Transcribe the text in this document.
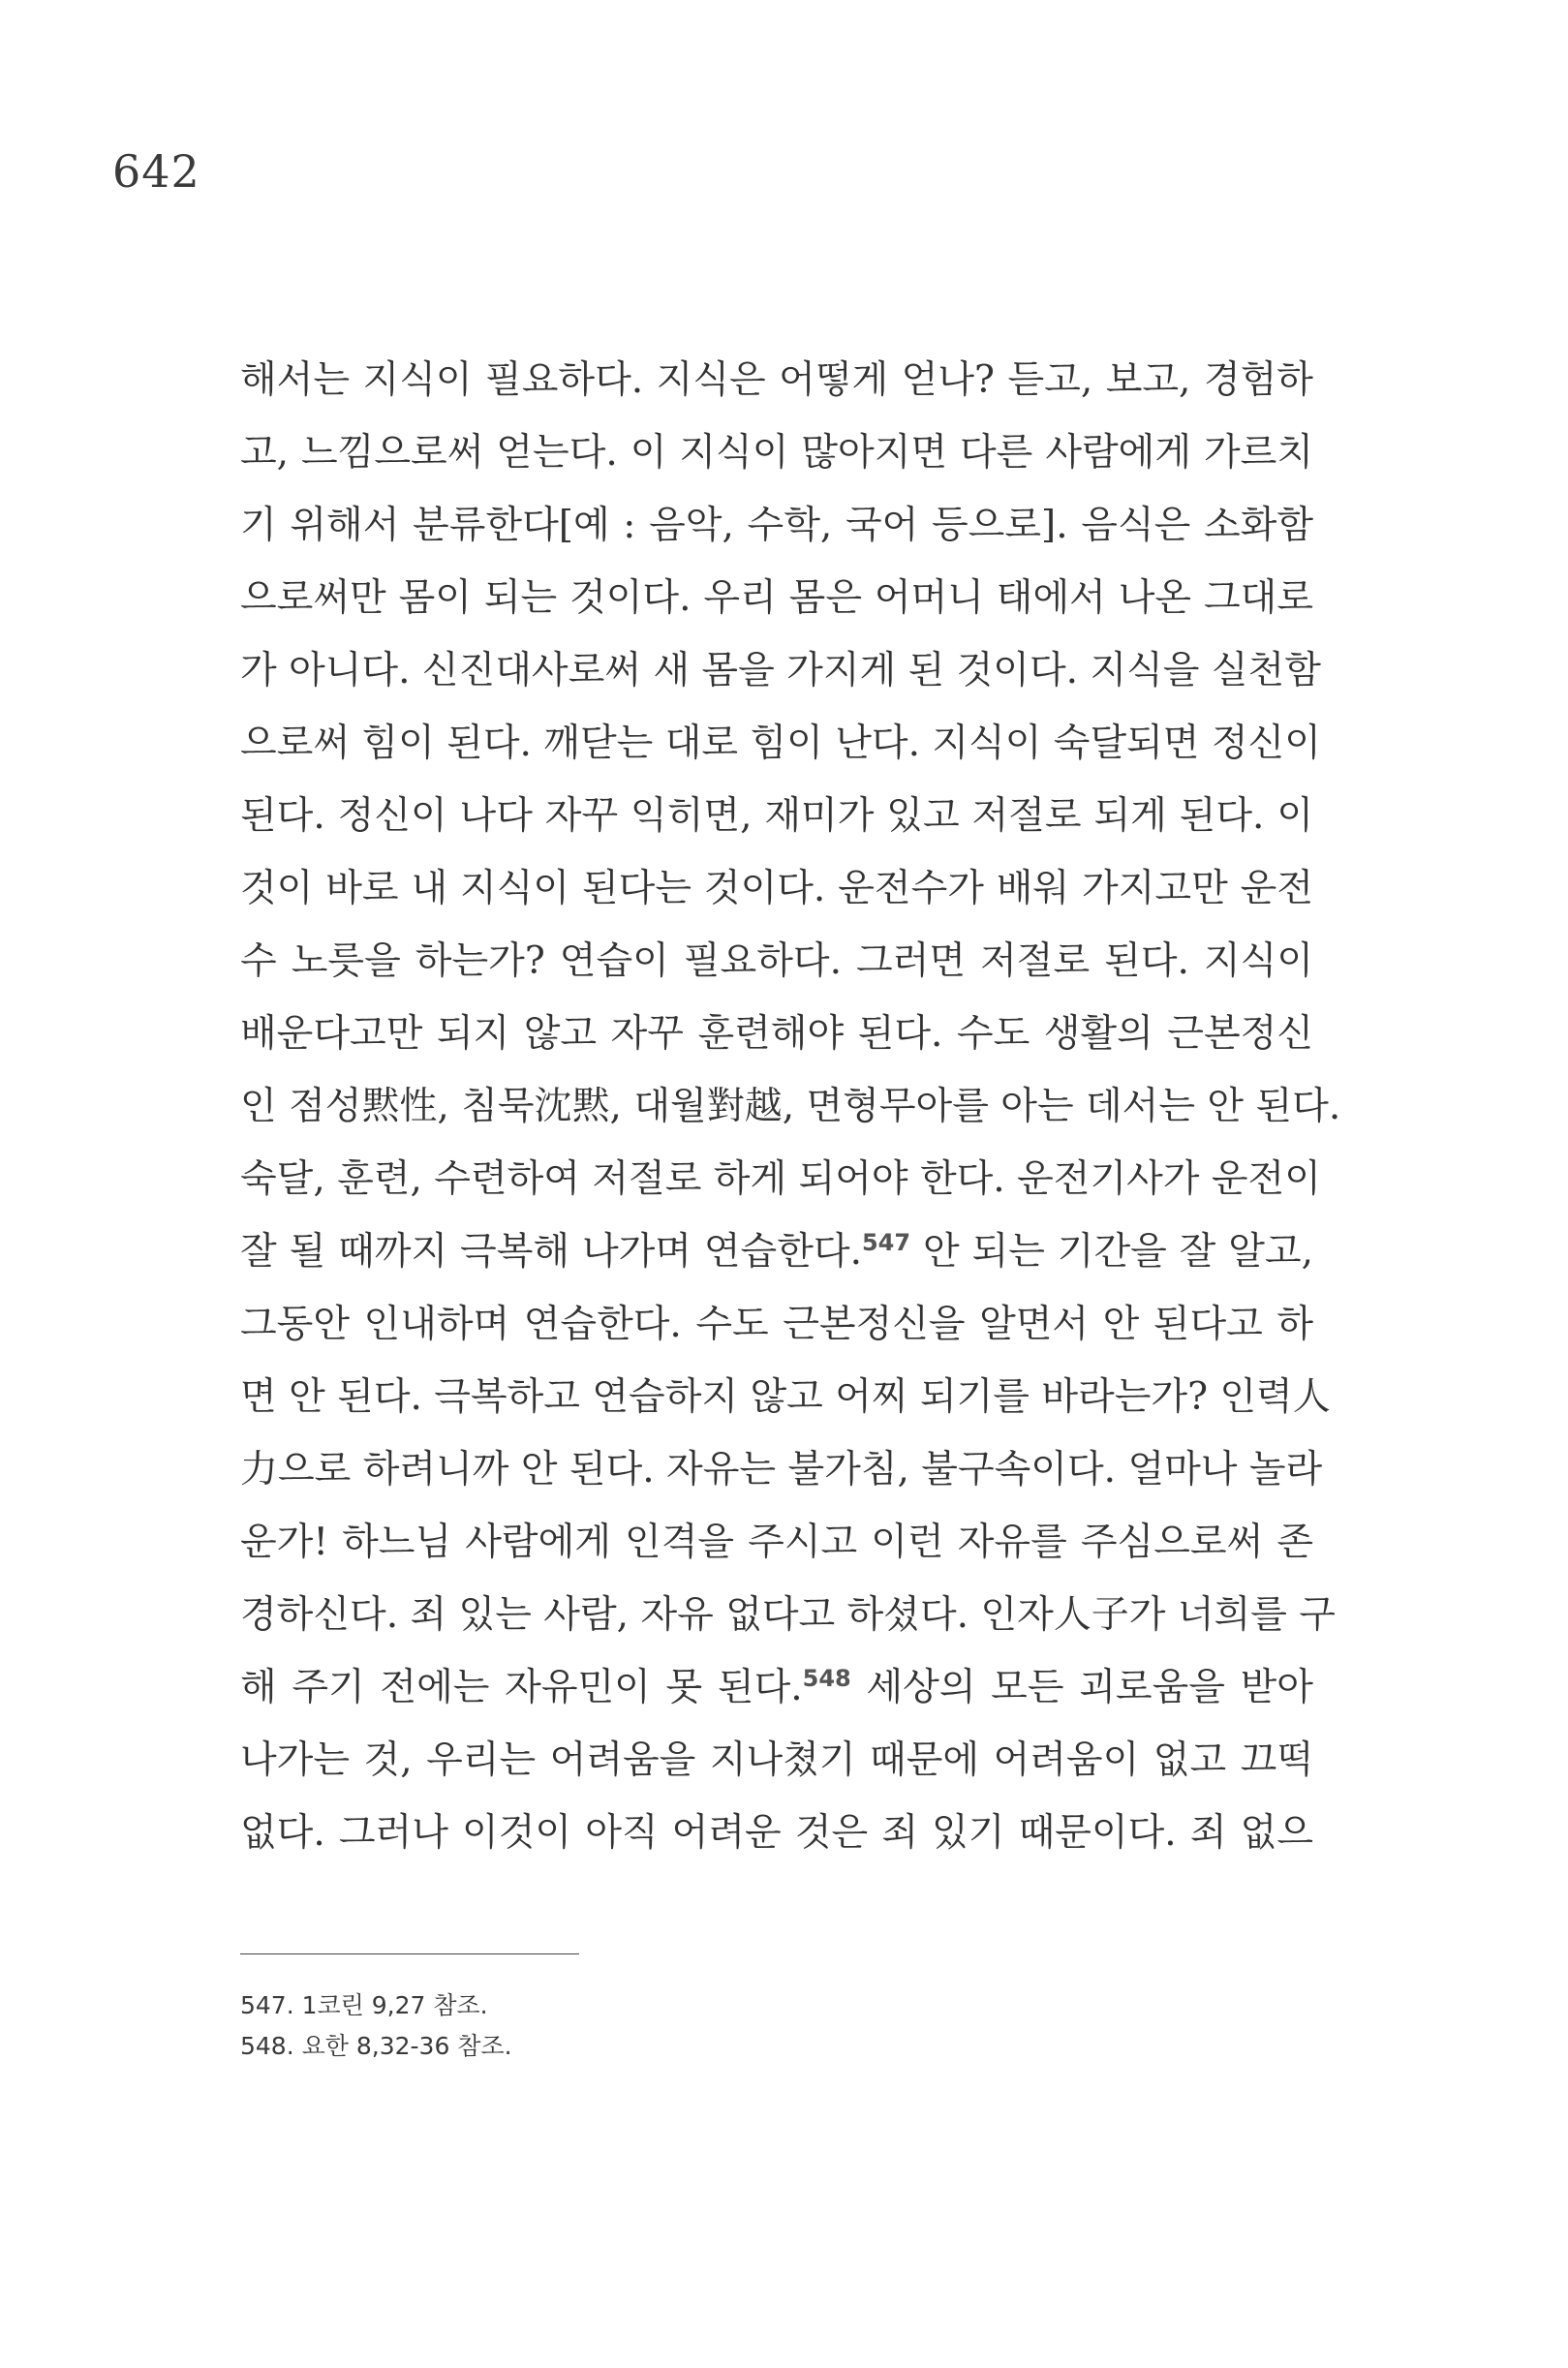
642
해서는 지식이 필요하다. 지식은 어떻게 얻나? 듣고, 보고, 경험하
고, 느낌으로써 얻는다. 이 지식이 많아지면 다른 사람에게 가르치
기 위해서 분류한다[예 : 음악, 수학, 국어 등으로]. 음식은 소화함
으로써만 몸이 되는 것이다. 우리 몸은 어머니 태에서 나온 그대로
가 아니다. 신진대사로써 새 몸을 가지게 된 것이다. 지식을 실천함
으로써 힘이 된다. 깨닫는 대로 힘이 난다. 지식이 숙달되면 정신이
된다. 정신이 나다 자꾸 익히면, 재미가 있고 저절로 되게 된다. 이
것이 바로 내 지식이 된다는 것이다. 운전수가 배워 가지고만 운전
수 노릇을 하는가? 연습이 필요하다. 그러면 저절로 된다. 지식이
배운다고만 되지 않고 자꾸 훈련해야 된다. 수도 생활의 근본정신
인 점성黙性, 침묵沈黙, 대월對越, 면형무아를 아는 데서는 안 된다.
숙달, 훈련, 수련하여 저절로 하게 되어야 한다. 운전기사가 운전이
잘 될 때까지 극복해 나가며 연습한다.$^{547}$ 안 되는 기간을 잘 알고,
그동안 인내하며 연습한다. 수도 근본정신을 알면서 안 된다고 하
면 안 된다. 극복하고 연습하지 않고 어찌 되기를 바라는가? 인력人
力으로 하려니까 안 된다. 자유는 불가침, 불구속이다. 얼마나 놀라
운가! 하느님 사람에게 인격을 주시고 이런 자유를 주심으로써 존
경하신다. 죄 있는 사람, 자유 없다고 하셨다. 인자人子가 너희를 구
해 주기 전에는 자유민이 못 된다.$^{548}$ 세상의 모든 괴로움을 받아
나가는 것, 우리는 어려움을 지나쳤기 때문에 어려움이 없고 끄떡
없다. 그러나 이것이 아직 어려운 것은 죄 있기 때문이다. 죄 없으
547. 1코린 9,27 참조.
548. 요한 8,32-36 참조.
